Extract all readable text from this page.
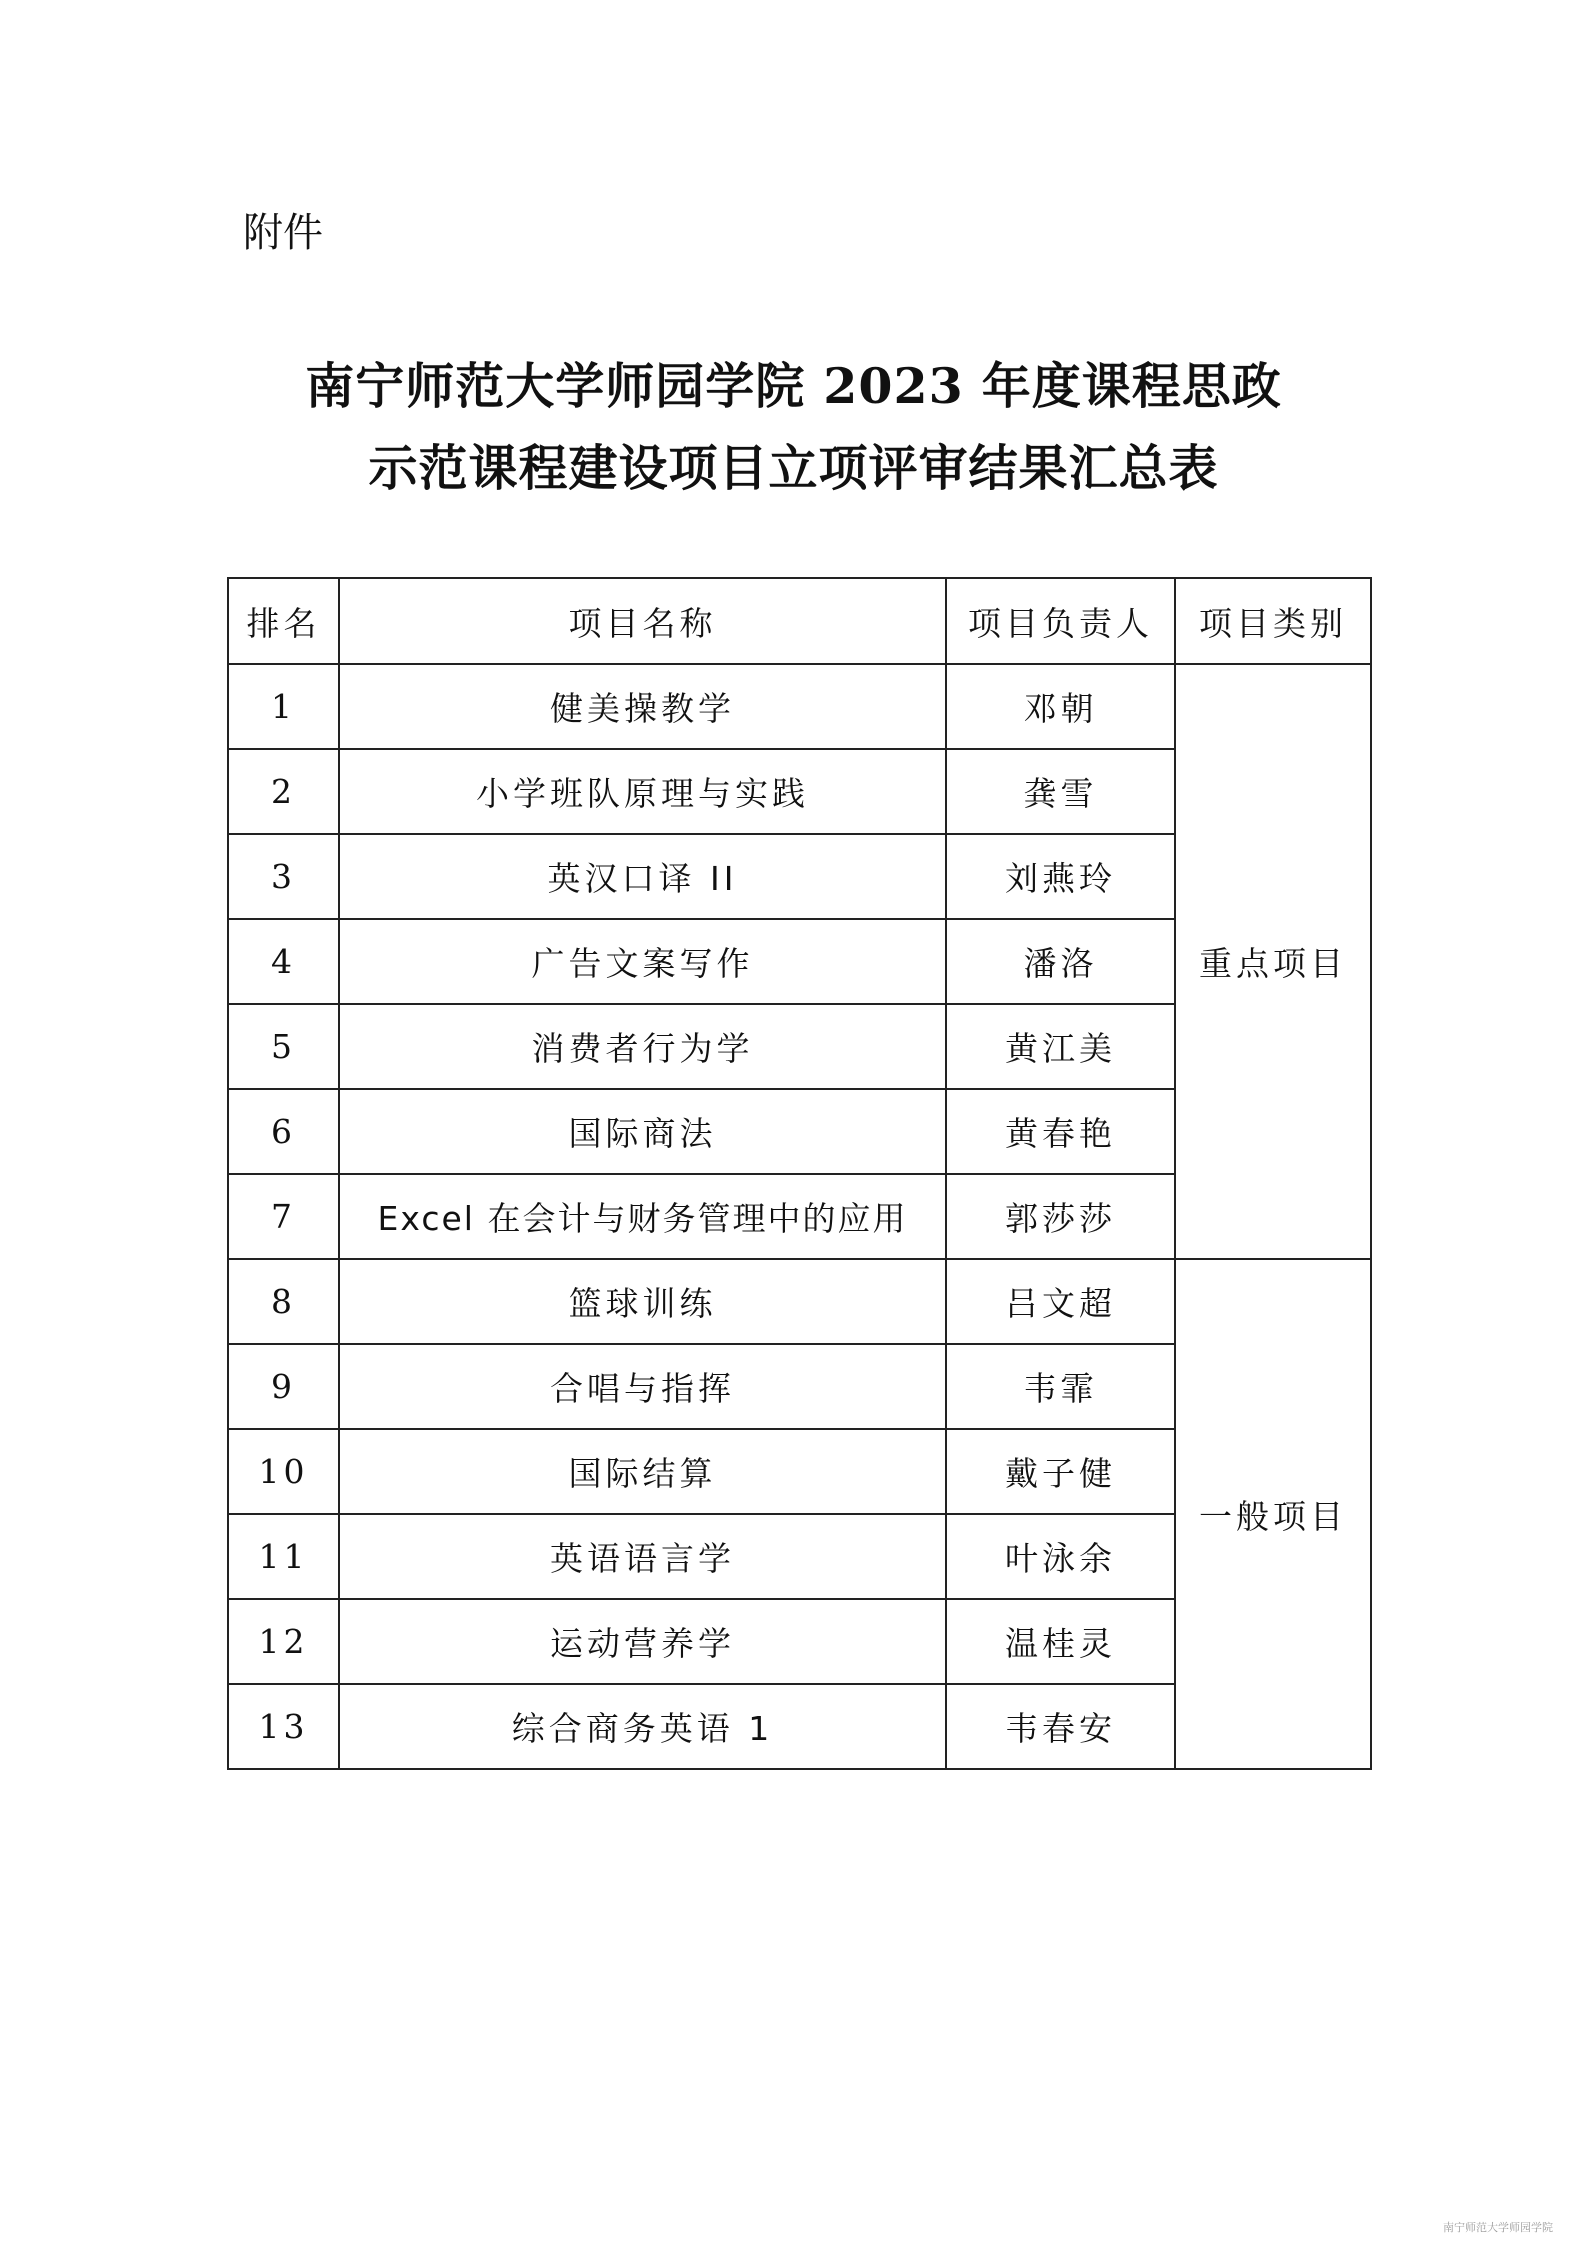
附件
南宁师范大学师园学院 2023 年度课程思政
示范课程建设项目立项评审结果汇总表
排名	项目名称	项目负责人	项目类别
1	健美操教学	邓朝	重点项目
2	小学班队原理与实践	龚雪	
3	英汉口译 II	刘燕玲	
4	广告文案写作	潘洛	
5	消费者行为学	黄江美	
6	国际商法	黄春艳	
7	Excel 在会计与财务管理中的应用	郭莎莎	
8	篮球训练	吕文超	一般项目
9	合唱与指挥	韦霏	
10	国际结算	戴子健	
11	英语语言学	叶泳余	
12	运动营养学	温桂灵	
13	综合商务英语 1	韦春安	
南宁师范大学师园学院
